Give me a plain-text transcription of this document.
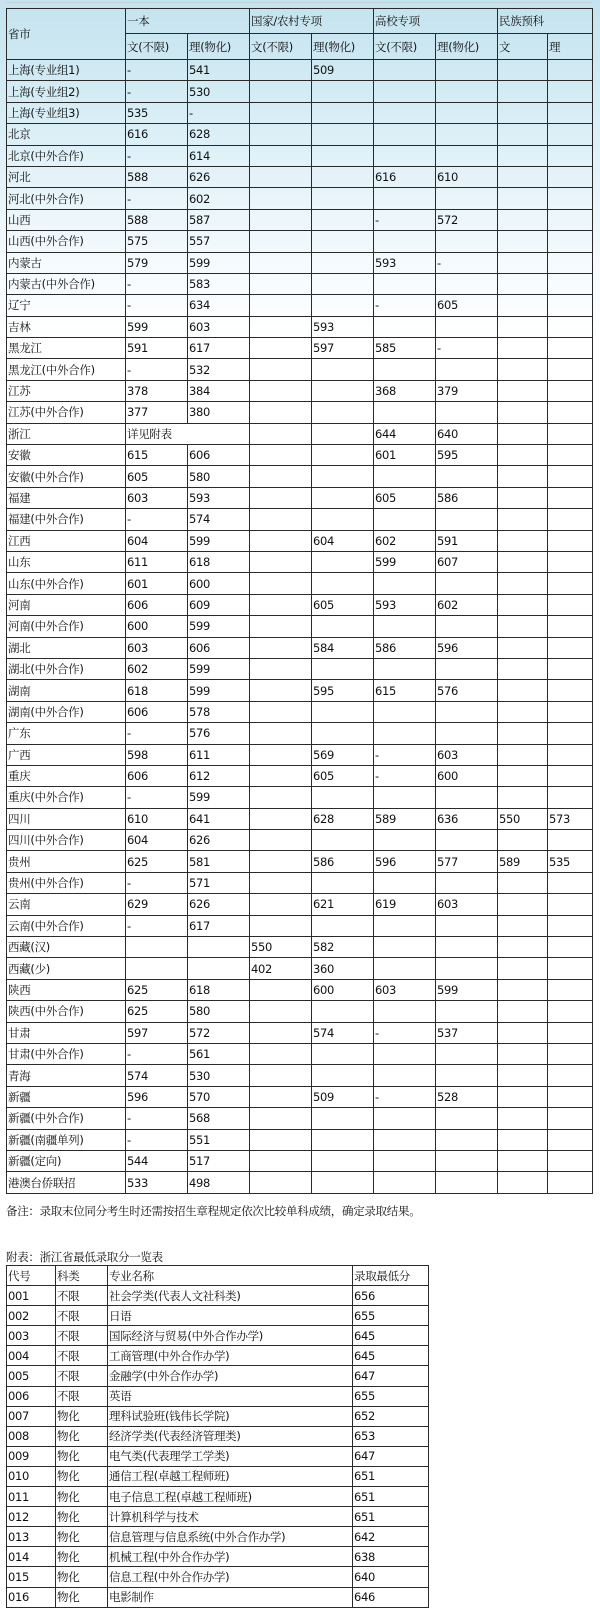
省市	一本		国家/农村专项		高校专项		民族预科	
	文(不限)	理(物化)	文(不限)	理(物化)	文(不限)	理(物化)	文	理
上海(专业组1)	-	541		509				
上海(专业组2)	-	530						
上海(专业组3)	535	-						
北京	616	628						
北京(中外合作)	-	614						
河北	588	626			616	610		
河北(中外合作)	-	602						
山西	588	587			-	572		
山西(中外合作)	575	557						
内蒙古	579	599			593	-		
内蒙古(中外合作)	-	583						
辽宁	-	634			-	605		
吉林	599	603		593				
黑龙江	591	617		597	585	-		
黑龙江(中外合作)	-	532						
江苏	378	384			368	379		
江苏(中外合作)	377	380						
浙江	详见附表				644	640		
安徽	615	606			601	595		
安徽(中外合作)	605	580						
福建	603	593			605	586		
福建(中外合作)	-	574						
江西	604	599		604	602	591		
山东	611	618			599	607		
山东(中外合作)	601	600						
河南	606	609		605	593	602		
河南(中外合作)	600	599						
湖北	603	606		584	586	596		
湖北(中外合作)	602	599						
湖南	618	599		595	615	576		
湖南(中外合作)	606	578						
广东	-	576						
广西	598	611		569	-	603		
重庆	606	612		605	-	600		
重庆(中外合作)	-	599						
四川	610	641		628	589	636	550	573
四川(中外合作)	604	626						
贵州	625	581		586	596	577	589	535
贵州(中外合作)	-	571						
云南	629	626		621	619	603		
云南(中外合作)	-	617						
西藏(汉)			550	582				
西藏(少)			402	360				
陕西	625	618		600	603	599		
陕西(中外合作)	625	580						
甘肃	597	572		574	-	537		
甘肃(中外合作)	-	561						
青海	574	530						
新疆	596	570		509	-	528		
新疆(中外合作)	-	568						
新疆(南疆单列)	-	551						
新疆(定向)	544	517						
港澳台侨联招	533	498						
备注：录取末位同分考生时还需按招生章程规定依次比较单科成绩，确定录取结果。
附表：浙江省最低录取分一览表
代号	科类	专业名称	录取最低分
001	不限	社会学类(代表人文社科类)	656
002	不限	日语	655
003	不限	国际经济与贸易(中外合作办学)	645
004	不限	工商管理(中外合作办学)	645
005	不限	金融学(中外合作办学)	647
006	不限	英语	655
007	物化	理科试验班(钱伟长学院)	652
008	物化	经济学类(代表经济管理类)	653
009	物化	电气类(代表理学工学类)	647
010	物化	通信工程(卓越工程师班)	651
011	物化	电子信息工程(卓越工程师班)	651
012	物化	计算机科学与技术	651
013	物化	信息管理与信息系统(中外合作办学)	642
014	物化	机械工程(中外合作办学)	638
015	物化	信息工程(中外合作办学)	640
016	物化	电影制作	646
